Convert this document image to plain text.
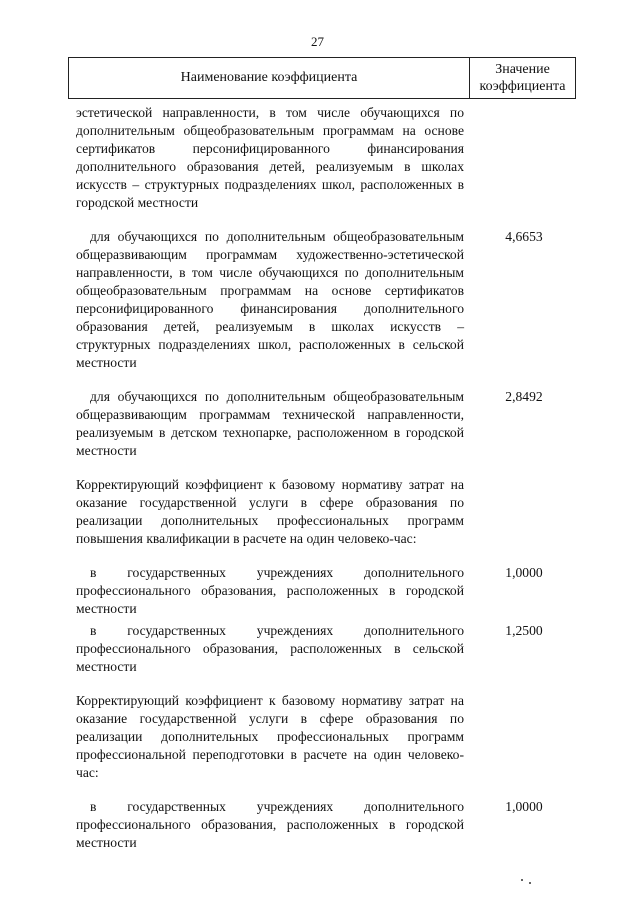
27
Наименование коэффициента
Значение
коэффициента
эстетической направленности, в том числе обучающихся по дополнительным общеобразовательным программам на основе сертификатов персонифицированного финансирования дополнительного образования детей, реализуемым в школах искусств – структурных подразделениях школ, расположенных в городской местности
для обучающихся по дополнительным общеобразовательным общеразвивающим программам художественно-эстетической направленности, в том числе обучающихся по дополнительным общеобразовательным программам на основе сертификатов персонифицированного финансирования дополнительного образования детей, реализуемым в школах искусств – структурных подразделениях школ, расположенных в сельской местности
4,6653
для обучающихся по дополнительным общеобразовательным общеразвивающим программам технической направленности, реализуемым в детском технопарке, расположенном в городской местности
2,8492
Корректирующий коэффициент к базовому нормативу затрат на оказание государственной услуги в сфере образования по реализации дополнительных профессиональных программ повышения квалификации в расчете на один человеко-час:
в государственных учреждениях дополнительного профессионального образования, расположенных в городской местности
1,0000
в государственных учреждениях дополнительного профессионального образования, расположенных в сельской местности
1,2500
Корректирующий коэффициент к базовому нормативу затрат на оказание государственной услуги в сфере образования по реализации дополнительных профессиональных программ профессиональной переподготовки в расчете на один человеко-час:
в государственных учреждениях дополнительного профессионального образования, расположенных в городской местности
1,0000
